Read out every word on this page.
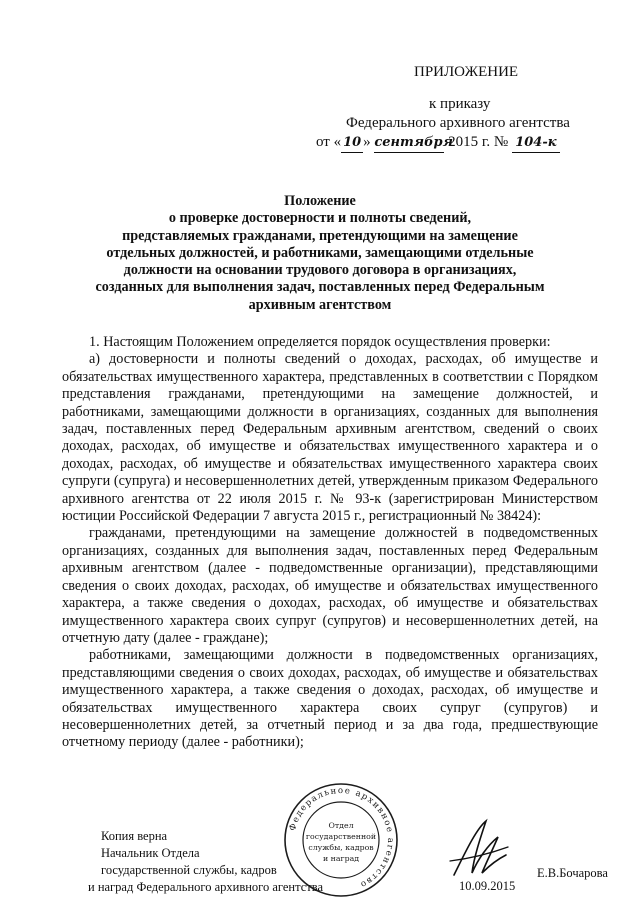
ПРИЛОЖЕНИЕ
к приказу
Федерального архивного агентства
от « 10 » сентября 2015 г. № 104-к
Положение
о проверке достоверности и полноты сведений,
представляемых гражданами, претендующими на замещение
отдельных должностей, и работниками, замещающими отдельные
должности на основании трудового договора в организациях,
созданных для выполнения задач, поставленных перед Федеральным
архивным агентством

1. Настоящим Положением определяется порядок осуществления проверки:

а) достоверности и полноты сведений о доходах, расходах, об имуществе и обязательствах имущественного характера, представленных в соответствии с Порядком представления гражданами, претендующими на замещение должностей, и работниками, замещающими должности в организациях, созданных для выполнения задач, поставленных перед Федеральным архивным агентством, сведений о своих доходах, расходах, об имуществе и обязательствах имущественного характера и о доходах, расходах, об имуществе и обязательствах имущественного характера своих супруги (супруга) и несовершеннолетних детей, утвержденным приказом Федерального архивного агентства от 22 июля 2015 г. № 93-к (зарегистрирован Министерством юстиции Российской Федерации 7 августа 2015 г., регистрационный № 38424):

гражданами, претендующими на замещение должностей в подведомственных организациях, созданных для выполнения задач, поставленных перед Федеральным архивным агентством (далее - подведомственные организации), представляющими сведения о своих доходах, расходах, об имуществе и обязательствах имущественного характера, а также сведения о доходах, расходах, об имуществе и обязательствах имущественного характера своих супруг (супругов) и несовершеннолетних детей, на отчетную дату (далее - граждане);

работниками, замещающими должности в подведомственных организациях, представляющими сведения о своих доходах, расходах, об имуществе и обязательствах имущественного характера, а также сведения о доходах, расходах, об имуществе и обязательствах имущественного характера своих супруг (супругов) и несовершеннолетних детей, за отчетный период и за два года, предшествующие отчетному периоду (далее - работники);

Копия верна
Начальник Отдела
государственной службы, кадров
и наград Федерального архивного агентства
Федеральное архивное агентство
Отдел
государственной
службы, кадров
и наград
Е.В.Бочарова
10.09.2015
